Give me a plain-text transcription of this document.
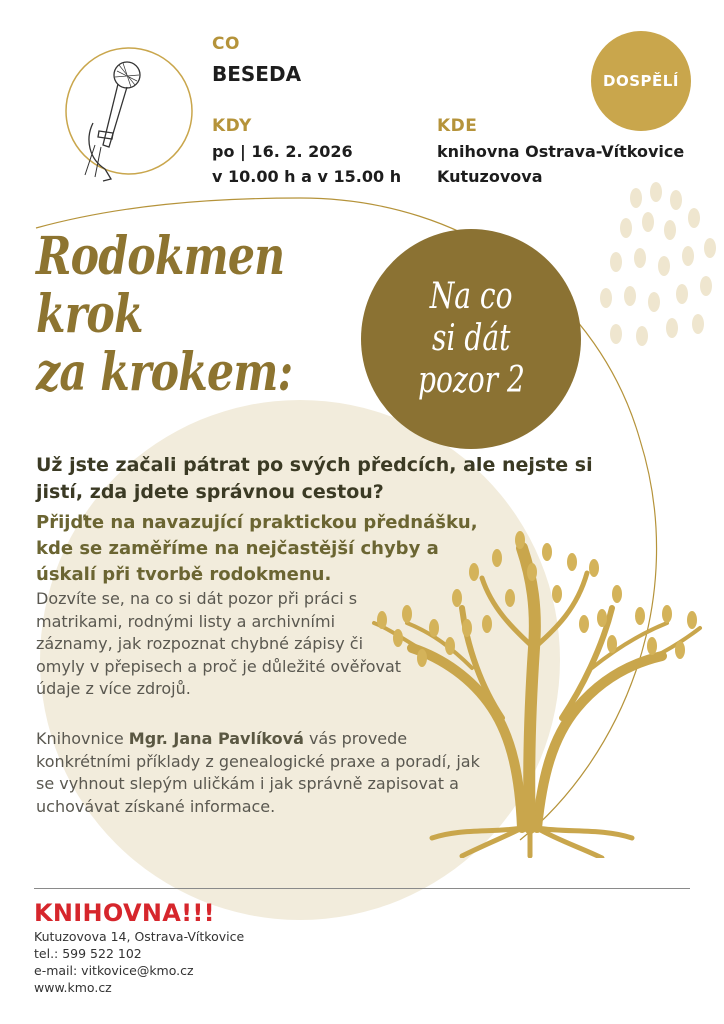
CO
BESEDA
KDY
po | 16. 2. 2026
v 10.00 h a v 15.00 h
KDE
knihovna Ostrava-Vítkovice
Kutuzovova
DOSPĚLÍ
Rodokmen
krok
za krokem:
Na co
si dát
pozor 2
Už jste začali pátrat po svých předcích, ale nejste si jistí, zda jdete správnou cestou?
Přijďte na navazující praktickou přednášku, kde se zaměříme na nejčastější chyby a úskalí při tvorbě rodokmenu.
Dozvíte se, na co si dát pozor při práci s matrikami, rodnými listy a archivními záznamy, jak rozpoznat chybné zápisy či omyly v přepisech a proč je důležité ověřovat údaje z více zdrojů.
Knihovnice Mgr. Jana Pavlíková vás provede konkrétními příklady z genealogické praxe a poradí, jak se vyhnout slepým uličkám i jak správně zapisovat a uchovávat získané informace.
KNIHOVNA!!!
Kutuzovova 14, Ostrava-Vítkovice
tel.: 599 522 102
e-mail: vitkovice@kmo.cz
www.kmo.cz
